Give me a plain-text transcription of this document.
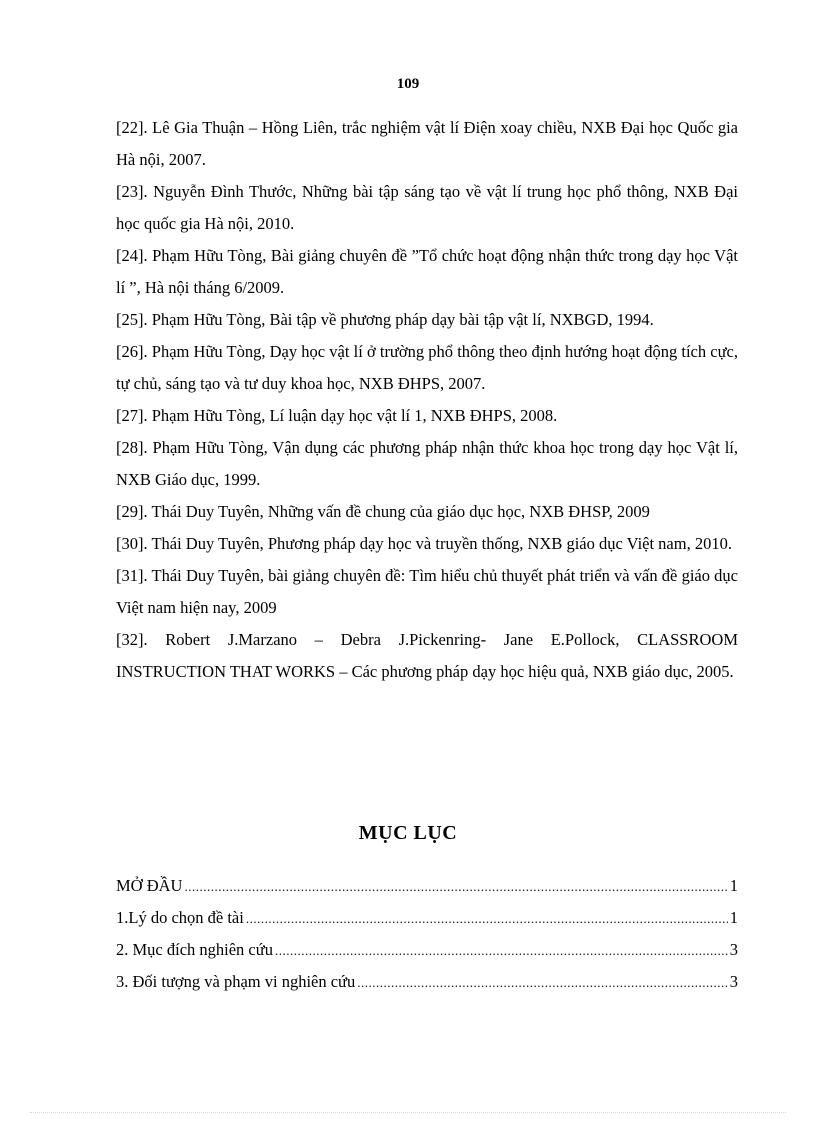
109

[22]. Lê Gia Thuận – Hồng Liên, trắc nghiệm vật lí Điện xoay chiều, NXB Đại học Quốc gia Hà nội, 2007.

[23]. Nguyễn Đình Thước, Những bài tập sáng tạo về vật lí trung học phổ thông, NXB Đại học quốc gia Hà nội, 2010.

[24]. Phạm Hữu Tòng, Bài giảng chuyên đề ”Tổ chức hoạt động nhận thức trong dạy học Vật lí ”, Hà nội tháng 6/2009.

[25]. Phạm Hữu Tòng, Bài tập về phương pháp dạy bài tập vật lí, NXBGD, 1994.

[26]. Phạm Hữu Tòng, Dạy học vật lí ở trường phổ thông theo định hướng hoạt động tích cực, tự chủ, sáng tạo và tư duy khoa học, NXB ĐHPS, 2007.

[27]. Phạm Hữu Tòng, Lí luận dạy học vật lí 1, NXB ĐHPS, 2008.

[28]. Phạm Hữu Tòng, Vận dụng các phương pháp nhận thức khoa học trong dạy học Vật lí, NXB Giáo dục, 1999.

[29]. Thái Duy Tuyên, Những vấn đề chung của giáo dục học, NXB ĐHSP, 2009

[30]. Thái Duy Tuyên, Phương pháp dạy học và truyền thống, NXB giáo dục Việt nam, 2010.

[31]. Thái Duy Tuyên, bài giảng chuyên đề: Tìm hiểu chủ thuyết phát triển và vấn đề giáo dục Việt nam hiện nay, 2009

[32]. Robert J.Marzano – Debra J.Pickenring- Jane E.Pollock, CLASSROOM INSTRUCTION THAT WORKS – Các phương pháp dạy học hiệu quả, NXB giáo dục, 2005.

MỤC LỤC
MỞ ĐẦU .....	1
1.Lý do chọn đề tài .....	1
2. Mục đích nghiên cứu .....	3
3. Đối tượng và phạm vi nghiên cứu .....	3
